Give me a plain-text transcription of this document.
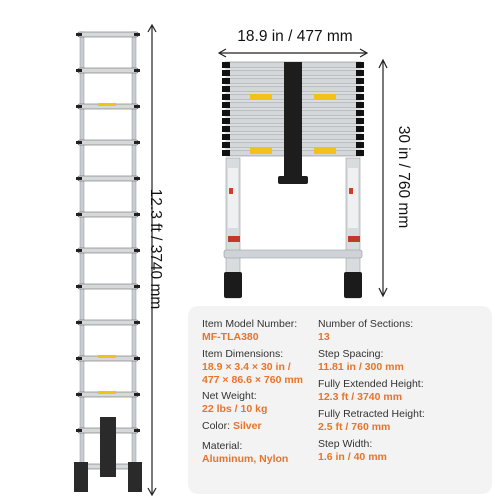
12.3 ft / 3740 mm
18.9 in / 477 mm
30 in / 760 mm
Item Model Number:
MF-TLA380
Number of Sections:
13
Item Dimensions:
18.9 × 3.4 × 30 in /
477 × 86.6 × 760 mm
Step Spacing:
11.81 in / 300 mm
Net Weight:
22 lbs / 10 kg
Fully Extended Height:
12.3 ft / 3740 mm
Color: Silver
Fully Retracted Height:
2.5 ft / 760 mm
Material:
Aluminum, Nylon
Step Width:
1.6 in / 40 mm
